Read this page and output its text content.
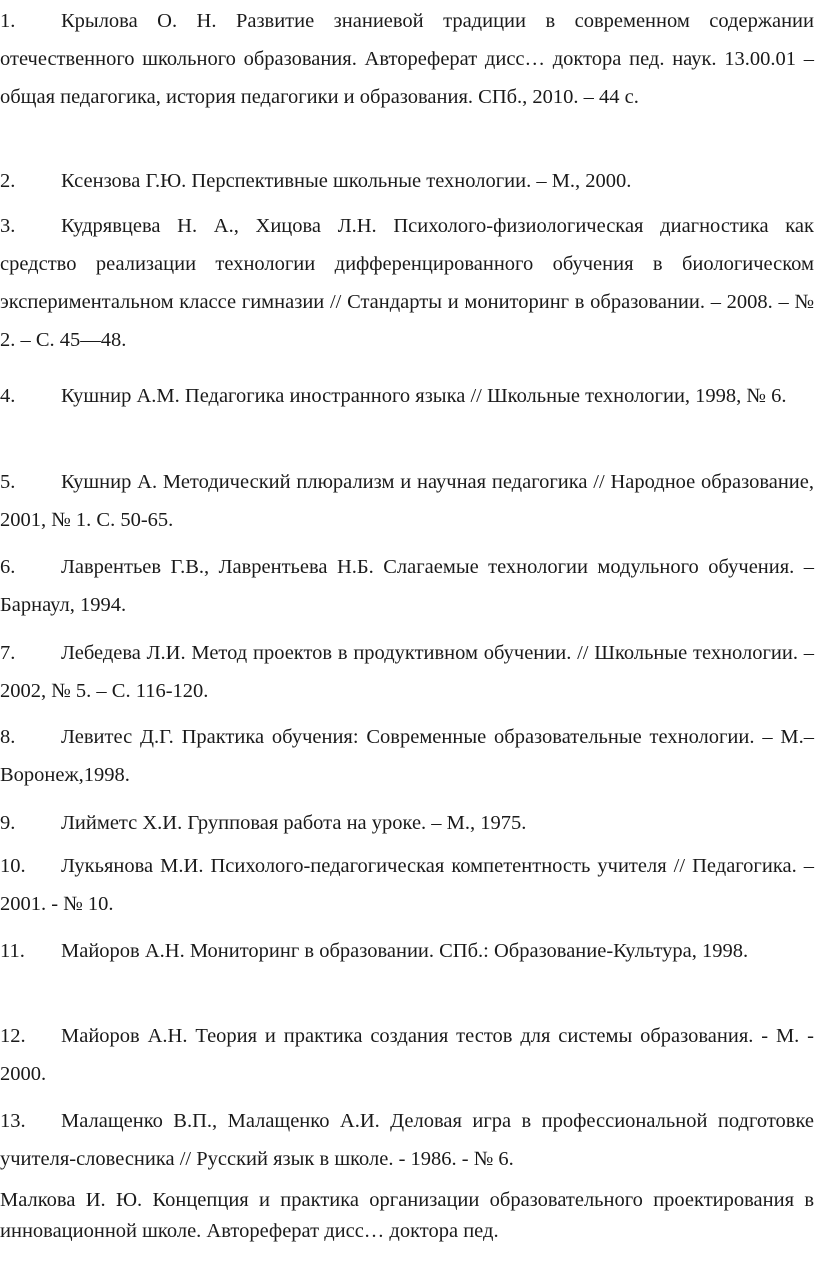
1. Крылова О. Н. Развитие знаниевой традиции в современном содержании отечественного школьного образования. Автореферат дисс… доктора пед. наук. 13.00.01 – общая педагогика, история педагогики и образования. СПб., 2010. – 44 с.

2. Ксензова Г.Ю. Перспективные школьные технологии. – М., 2000.

3. Кудрявцева Н. А., Хицова Л.Н. Психолого-физиологическая диагностика как средство реализации технологии дифференцированного обучения в биологическом экспериментальном классе гимназии // Стандарты и мониторинг в образовании. – 2008. – № 2. – С. 45—48.

4. Кушнир А.М. Педагогика иностранного языка // Школьные технологии, 1998, № 6.

5. Кушнир А. Методический плюрализм и научная педагогика // Народное образование, 2001, № 1. С. 50-65.

6. Лаврентьев Г.В., Лаврентьева Н.Б. Слагаемые технологии модульного обучения. – Барнаул, 1994.

7. Лебедева Л.И. Метод проектов в продуктивном обучении. // Школьные технологии. – 2002, № 5. – С. 116-120.

8. Левитес Д.Г. Практика обучения: Современные образовательные технологии. – М.– Воронеж,1998.

9. Лийметс Х.И. Групповая работа на уроке. – М., 1975.

10. Лукьянова М.И. Психолого-педагогическая компетентность учителя // Педагогика. – 2001. - № 10.

11. Майоров А.Н. Мониторинг в образовании. СПб.: Образование-Культура, 1998.

12. Майоров А.Н. Теория и практика создания тестов для системы образования. - М. - 2000.

13. Малащенко В.П., Малащенко А.И. Деловая игра в профессиональной подготовке учителя-словесника // Русский язык в школе. - 1986. - № 6.

Малкова И. Ю. Концепция и практика организации образовательного проектирования в инновационной школе. Автореферат дисс… доктора пед.
